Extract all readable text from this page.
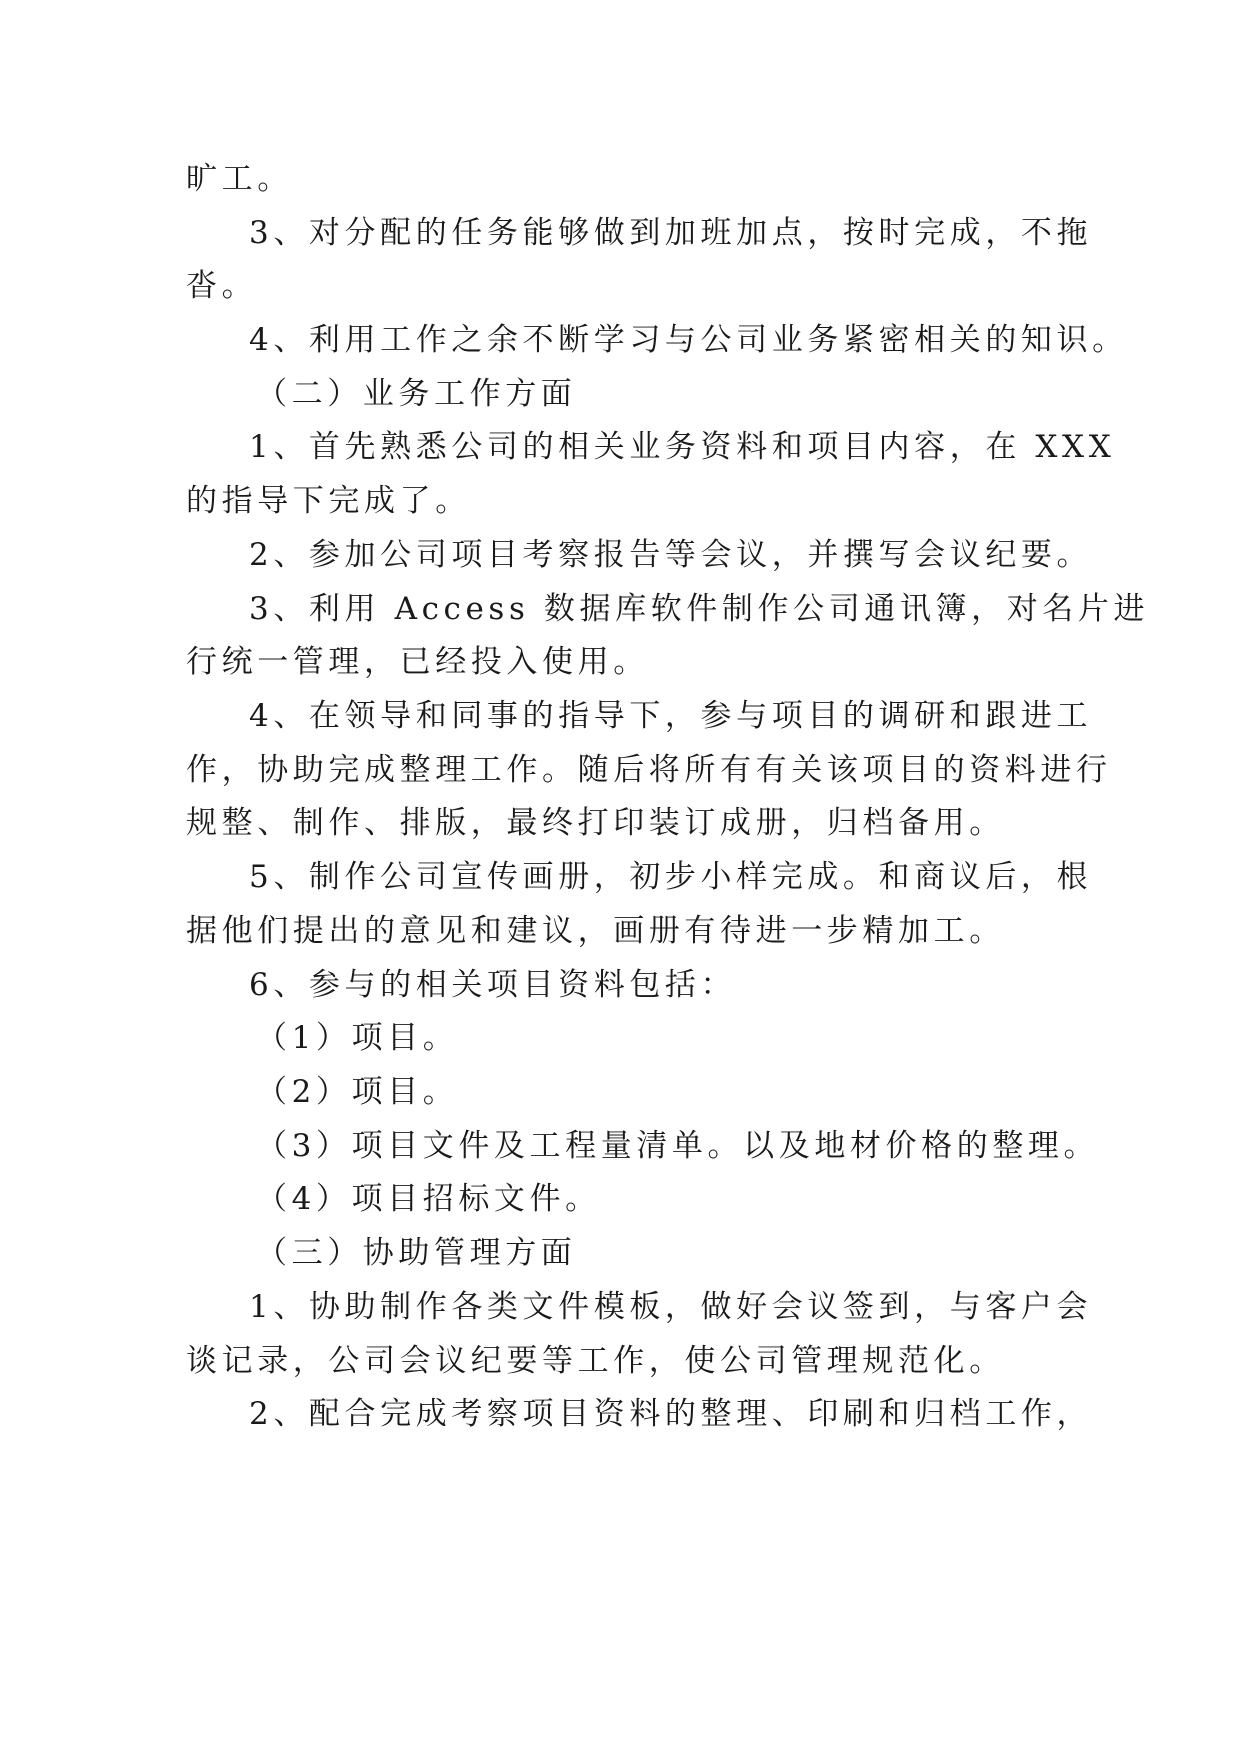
旷工。
3、对分配的任务能够做到加班加点，按时完成，不拖
沓。
4、利用工作之余不断学习与公司业务紧密相关的知识。
（二）业务工作方面
1、首先熟悉公司的相关业务资料和项目内容，在 XXX
的指导下完成了。
2、参加公司项目考察报告等会议，并撰写会议纪要。
3、利用 Access 数据库软件制作公司通讯簿，对名片进
行统一管理，已经投入使用。
4、在领导和同事的指导下，参与项目的调研和跟进工
作，协助完成整理工作。随后将所有有关该项目的资料进行
规整、制作、排版，最终打印装订成册，归档备用。
5、制作公司宣传画册，初步小样完成。和商议后，根
据他们提出的意见和建议，画册有待进一步精加工。
6、参与的相关项目资料包括：
（1）项目。
（2）项目。
（3）项目文件及工程量清单。以及地材价格的整理。
（4）项目招标文件。
（三）协助管理方面
1、协助制作各类文件模板，做好会议签到，与客户会
谈记录，公司会议纪要等工作，使公司管理规范化。
2、配合完成考察项目资料的整理、印刷和归档工作，
